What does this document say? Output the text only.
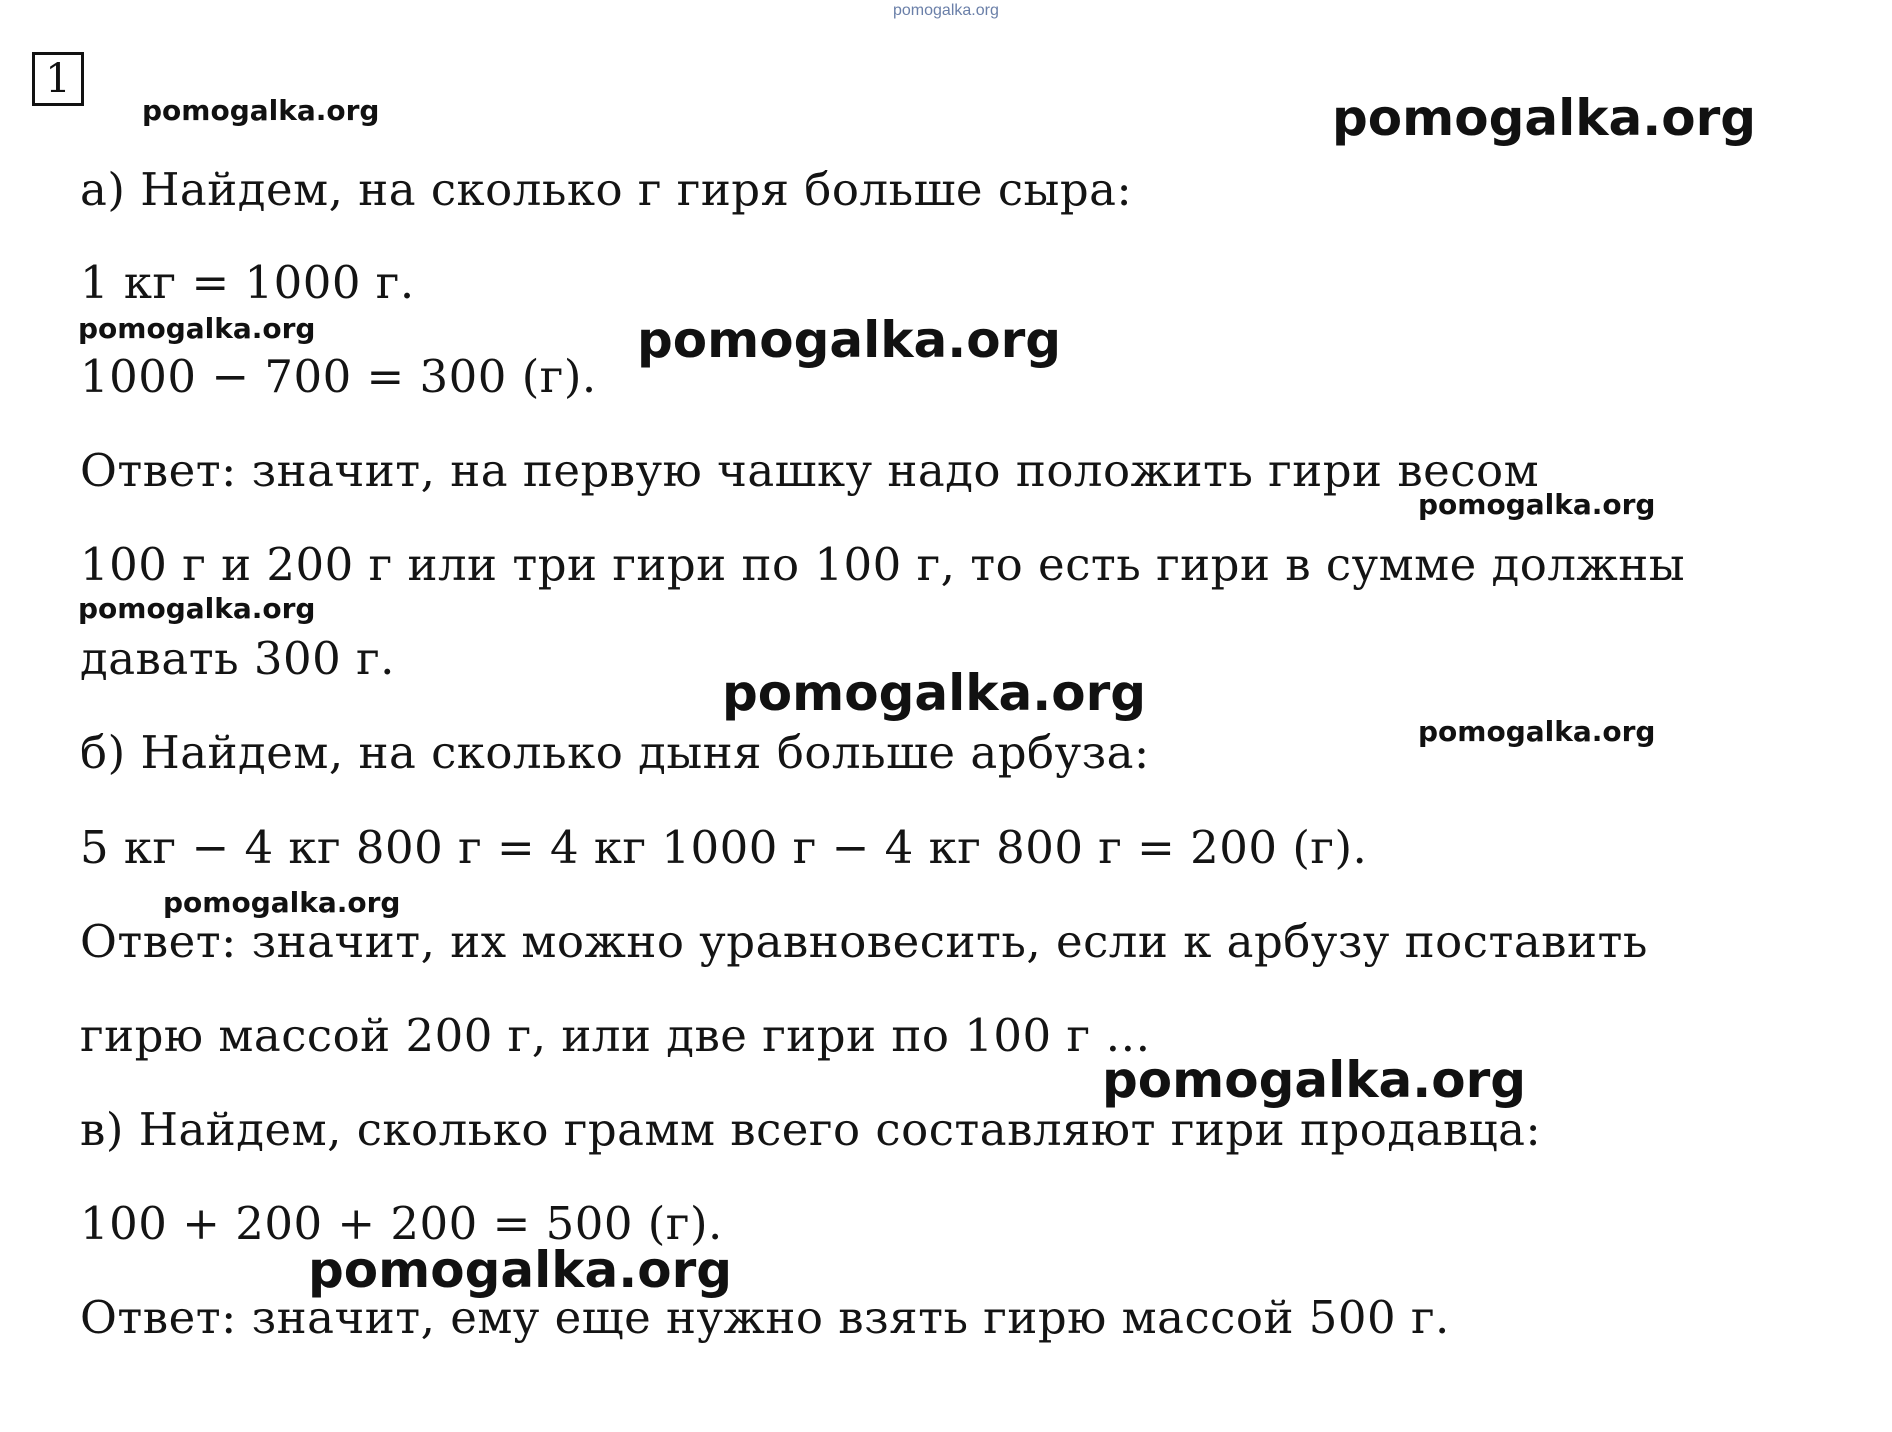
pomogalka.org
1
а) Найдем, на сколько г гиря больше сыра:
1 кг = 1000 г.
1000 − 700 = 300 (г).
Ответ: значит, на первую чашку надо положить гири весом
100 г и 200 г или три гири по 100 г, то есть гири в сумме должны
давать 300 г.
б) Найдем, на сколько дыня больше арбуза:
5 кг − 4 кг 800 г = 4 кг 1000 г − 4 кг 800 г = 200 (г).
Ответ: значит, их можно уравновесить, если к арбузу поставить
гирю массой 200 г, или две гири по 100 г …
в) Найдем, сколько грамм всего составляют гири продавца:
100 + 200 + 200 = 500 (г).
Ответ: значит, ему еще нужно взять гирю массой 500 г.
pomogalka.org	pomogalka.org
pomogalka.org	pomogalka.org
pomogalka.org
pomogalka.org
pomogalka.org
pomogalka.org
pomogalka.org
pomogalka.org
pomogalka.org
